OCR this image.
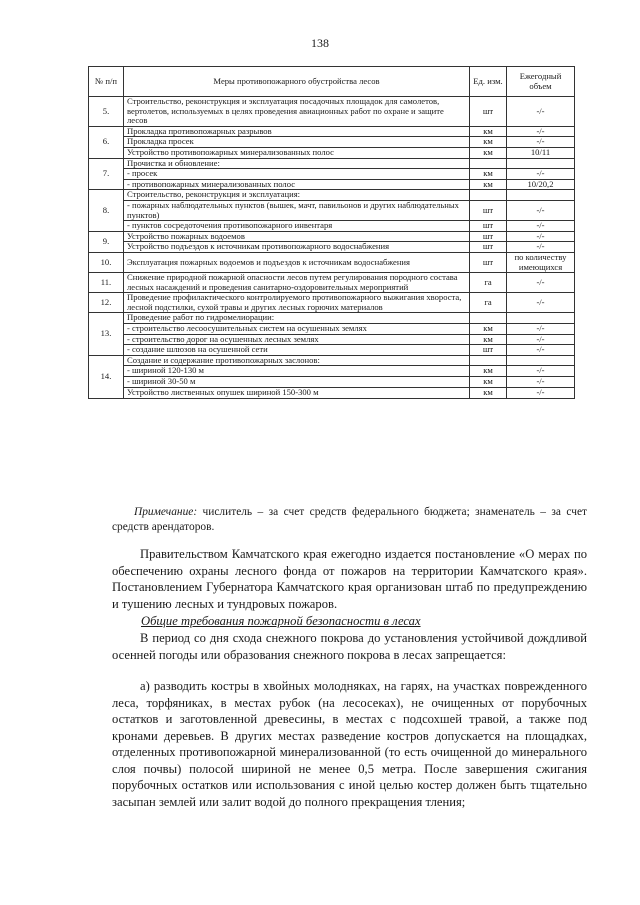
138
№ п/п	Меры противопожарного обустройства лесов	Ед. изм.	Ежегодный объем
5.	Строительство, реконструкция и эксплуатация посадочных площадок для самолетов, вертолетов, используемых в целях проведения авиационных работ по охране и защите лесов	шт	-/-
6.	Прокладка противопожарных разрывов	км	-/-
	Прокладка просек	км	-/-
	Устройство противопожарных минерализованных полос	км	10/11
7.	Прочистка и обновление:		
	- просек	км	-/-
	- противопожарных минерализованных полос	км	10/20,2
8.	Строительство, реконструкция и эксплуатация:		
	- пожарных наблюдательных пунктов (вышек, мачт, павильонов и других наблюдательных пунктов)	шт	-/-
	- пунктов сосредоточения противопожарного инвентаря	шт	-/-
9.	Устройство пожарных водоемов	шт	-/-
	Устройство подъездов к источникам противопожарного водоснабжения	шт	-/-
10.	Эксплуатация пожарных водоемов и подъездов к источникам водоснабжения	шт	по количеству имеющихся
11.	Снижение природной пожарной опасности лесов путем регулирования породного состава лесных насаждений и проведения санитарно-оздоровительных мероприятий	га	-/-
12.	Проведение профилактического контролируемого противопожарного выжигания хвороста, лесной подстилки, сухой травы и других лесных горючих материалов	га	-/-
13.	Проведение работ по гидромелиорации:		
	- строительство лесоосушительных систем на осушенных землях	км	-/-
	- строительство дорог на осушенных лесных землях	км	-/-
	- создание шлюзов на осушенной сети	шт	-/-
14.	Создание и содержание противопожарных заслонов:		
	- шириной 120-130 м	км	-/-
	- шириной 30-50 м	км	-/-
	Устройство лиственных опушек шириной 150-300 м	км	-/-
Примечание: числитель – за счет средств федерального бюджета; знаменатель – за счет средств арендаторов.
Правительством Камчатского края ежегодно издается постановление «О мерах по обеспечению охраны лесного фонда от пожаров на территории Камчатского края». Постановлением Губернатора Камчатского края организован штаб по предупреждению и тушению лесных и тундровых пожаров.
Общие требования пожарной безопасности в лесах
В период со дня схода снежного покрова до установления устойчивой дождливой осенней погоды или образования снежного покрова в лесах запрещается:
а) разводить костры в хвойных молодняках, на гарях, на участках поврежденного леса, торфяниках, в местах рубок (на лесосеках), не очищенных от порубочных остатков и заготовленной древесины, в местах с подсохшей травой, а также под кронами деревьев. В других местах разведение костров допускается на площадках, отделенных противопожарной минерализованной (то есть очищенной до минерального слоя почвы) полосой шириной не менее 0,5 метра. После завершения сжигания порубочных остатков или использования с иной целью костер должен быть тщательно засыпан землей или залит водой до полного прекращения тления;
